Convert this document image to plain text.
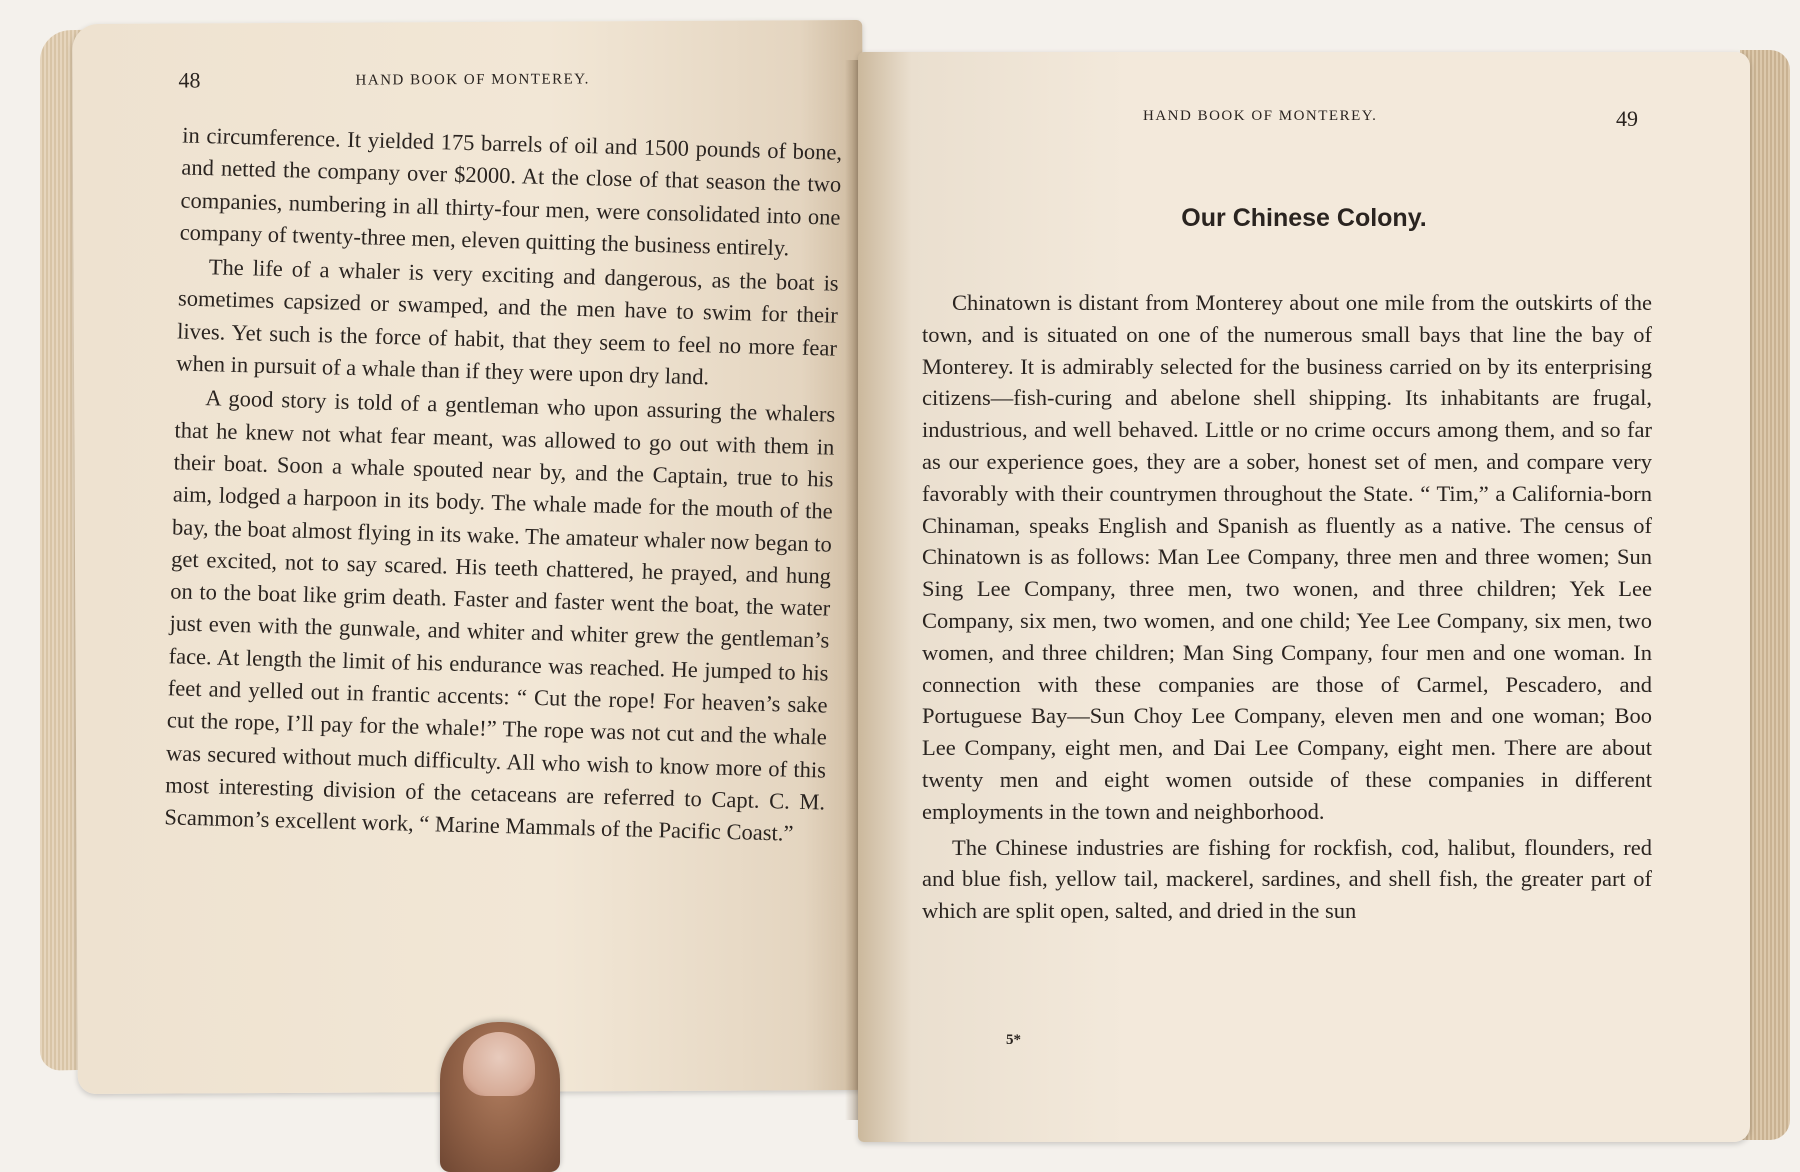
48	HAND BOOK OF MONTEREY.

in circumference. It yielded 175 barrels of oil and 1500 pounds of bone, and netted the company over $2000. At the close of that season the two companies, numbering in all thirty-four men, were consolidated into one company of twenty-three men, eleven quitting the business entirely.

The life of a whaler is very exciting and dangerous, as the boat is sometimes capsized or swamped, and the men have to swim for their lives. Yet such is the force of habit, that they seem to feel no more fear when in pursuit of a whale than if they were upon dry land.

A good story is told of a gentleman who upon assuring the whalers that he knew not what fear meant, was allowed to go out with them in their boat. Soon a whale spouted near by, and the Captain, true to his aim, lodged a harpoon in its body. The whale made for the mouth of the bay, the boat almost flying in its wake. The amateur whaler now began to get excited, not to say scared. His teeth chattered, he prayed, and hung on to the boat like grim death. Faster and faster went the boat, the water just even with the gunwale, and whiter and whiter grew the gentleman’s face. At length the limit of his endurance was reached. He jumped to his feet and yelled out in frantic accents: “ Cut the rope! For heaven’s sake cut the rope, I’ll pay for the whale!” The rope was not cut and the whale was secured without much difficulty. All who wish to know more of this most interesting division of the cetaceans are referred to Capt. C. M. Scammon’s excellent work, “ Marine Mammals of the Pacific Coast.”

HAND BOOK OF MONTEREY.	49
Our Chinese Colony.

Chinatown is distant from Monterey about one mile from the outskirts of the town, and is situated on one of the numerous small bays that line the bay of Monterey. It is admirably selected for the business carried on by its enterprising citizens—fish-curing and abelone shell shipping. Its inhabitants are frugal, industrious, and well behaved. Little or no crime occurs among them, and so far as our experience goes, they are a sober, honest set of men, and compare very favorably with their countrymen throughout the State. “ Tim,” a California-born Chinaman, speaks English and Spanish as fluently as a native. The census of Chinatown is as follows: Man Lee Company, three men and three women; Sun Sing Lee Company, three men, two wonen, and three children; Yek Lee Company, six men, two women, and one child; Yee Lee Company, six men, two women, and three children; Man Sing Company, four men and one woman. In connection with these companies are those of Carmel, Pescadero, and Portuguese Bay—Sun Choy Lee Company, eleven men and one woman; Boo Lee Company, eight men, and Dai Lee Company, eight men. There are about twenty men and eight women outside of these companies in different employments in the town and neighborhood.

The Chinese industries are fishing for rockfish, cod, halibut, flounders, red and blue fish, yellow tail, mackerel, sardines, and shell fish, the greater part of which are split open, salted, and dried in the sun

5*
